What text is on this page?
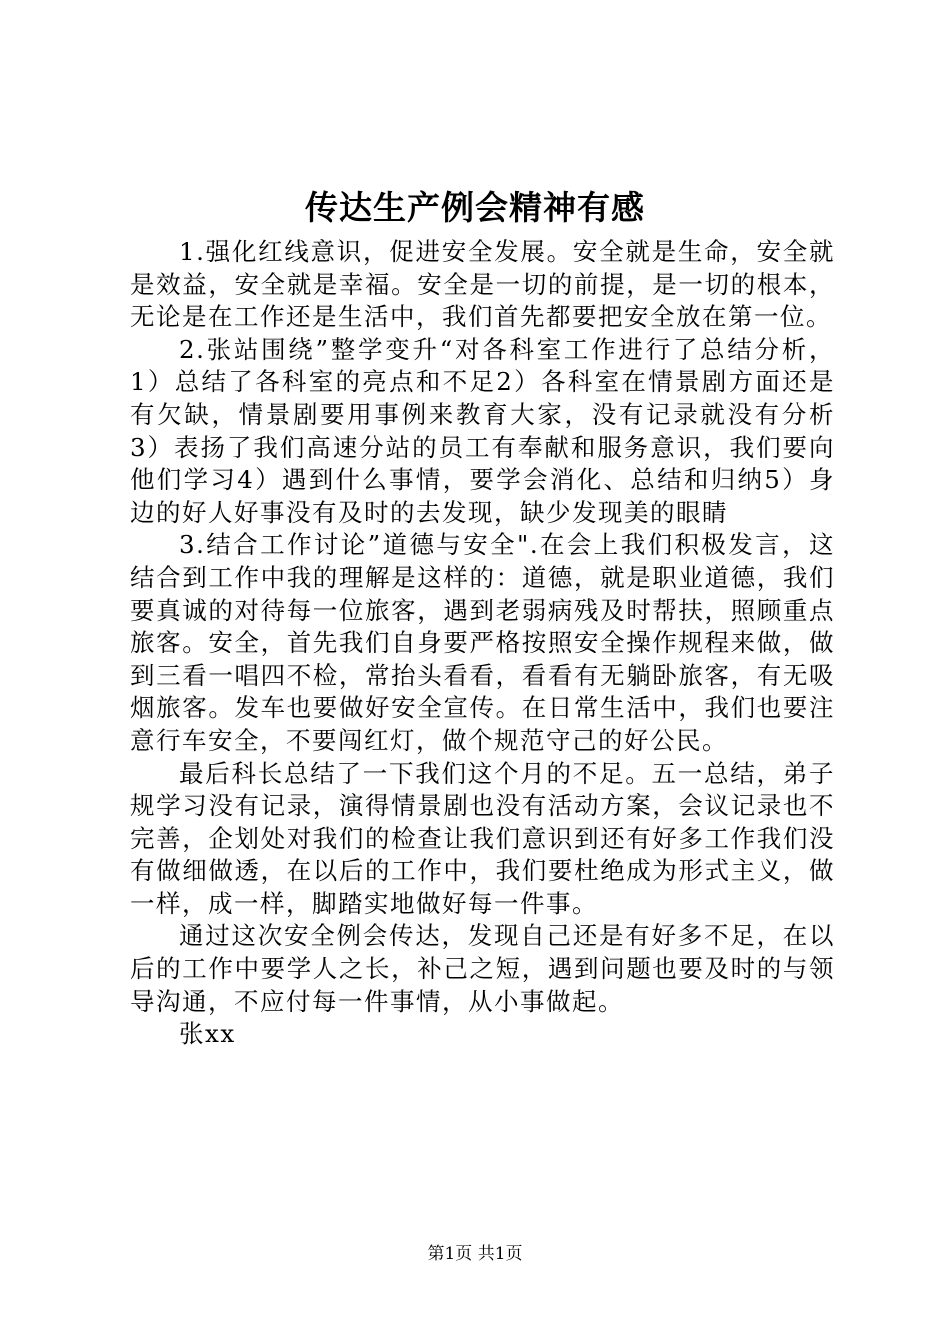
传达生产例会精神有感

1.强化红线意识，促进安全发展。安全就是生命，安全就是效益，安全就是幸福。安全是一切的前提，是一切的根本，无论是在工作还是生活中，我们首先都要把安全放在第一位。

2.张站围绕”整学变升“对各科室工作进行了总结分析，1）总结了各科室的亮点和不足2）各科室在情景剧方面还是有欠缺，情景剧要用事例来教育大家，没有记录就没有分析3）表扬了我们高速分站的员工有奉献和服务意识，我们要向他们学习4）遇到什么事情，要学会消化、总结和归纳5）身边的好人好事没有及时的去发现，缺少发现美的眼睛

3.结合工作讨论”道德与安全".在会上我们积极发言，这结合到工作中我的理解是这样的：道德，就是职业道德，我们要真诚的对待每一位旅客，遇到老弱病残及时帮扶，照顾重点旅客。安全，首先我们自身要严格按照安全操作规程来做，做到三看一唱四不检，常抬头看看，看看有无躺卧旅客，有无吸烟旅客。发车也要做好安全宣传。在日常生活中，我们也要注意行车安全，不要闯红灯，做个规范守己的好公民。

最后科长总结了一下我们这个月的不足。五一总结，弟子规学习没有记录，演得情景剧也没有活动方案，会议记录也不完善，企划处对我们的检查让我们意识到还有好多工作我们没有做细做透，在以后的工作中，我们要杜绝成为形式主义，做一样，成一样，脚踏实地做好每一件事。

通过这次安全例会传达，发现自己还是有好多不足，在以后的工作中要学人之长，补己之短，遇到问题也要及时的与领导沟通，不应付每一件事情，从小事做起。

张xx

第1页 共1页
